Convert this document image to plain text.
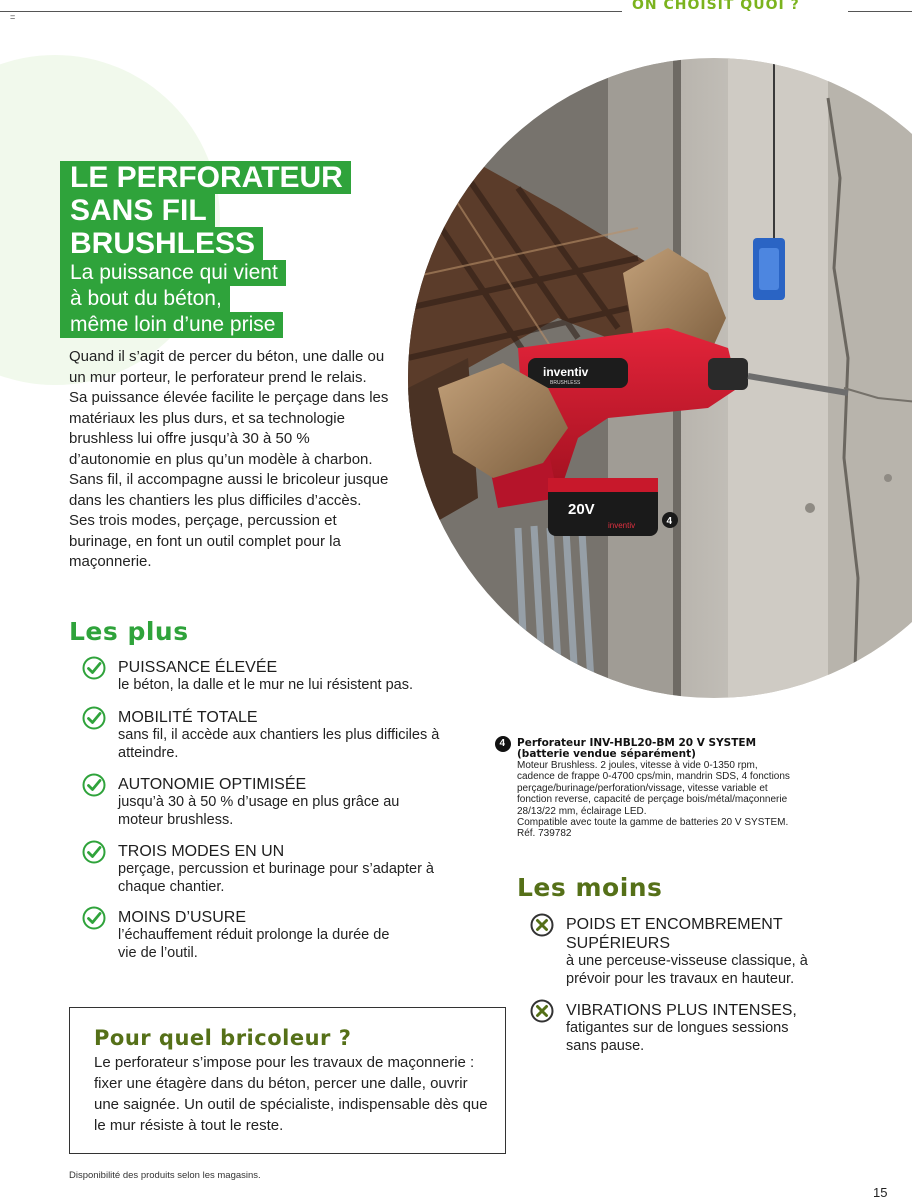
=
ON CHOISIT QUOI ?
LE PERFORATEUR
SANS FIL
BRUSHLESS
La puissance qui vient
à bout du béton,
même loin d’une prise

Quand il s’agit de percer du béton, une dalle ou un mur porteur, le perforateur prend le relais. Sa puissance élevée facilite le perçage dans les matériaux les plus durs, et sa technologie brushless lui offre jusqu’à 30 à 50 % d’autonomie en plus qu’un modèle à charbon. Sans fil, il accompagne aussi le bricoleur jusque dans les chantiers les plus difficiles d’accès. Ses trois modes, perçage, percussion et burinage, en font un outil complet pour la maçonnerie.

inventiv
BRUSHLESS
20V
inventiv	4
Les plus
PUISSANCE ÉLEVÉE
le béton, la dalle et le mur ne lui résistent pas.
MOBILITÉ TOTALE
sans fil, il accède aux chantiers les plus difficiles à atteindre.
AUTONOMIE OPTIMISÉE
jusqu’à 30 à 50 % d’usage en plus grâce au moteur brushless.
TROIS MODES EN UN
perçage, percussion et burinage pour s’adapter à chaque chantier.
MOINS D’USURE
l’échauffement réduit prolonge la durée de vie de l’outil.
4 Perforateur INV-HBL20-BM 20 V SYSTEM
(batterie vendue séparément)
Moteur Brushless. 2 joules, vitesse à vide 0-1350 rpm,
cadence de frappe 0-4700 cps/min, mandrin SDS, 4 fonctions
perçage/burinage/perforation/vissage, vitesse variable et
fonction reverse, capacité de perçage bois/métal/maçonnerie
28/13/22 mm, éclairage LED.
Compatible avec toute la gamme de batteries 20 V SYSTEM.
Réf. 739782
Les moins
POIDS ET ENCOMBREMENT SUPÉRIEURS
à une perceuse-visseuse classique, à prévoir pour les travaux en hauteur.
VIBRATIONS PLUS INTENSES,
fatigantes sur de longues sessions sans pause.
Pour quel bricoleur ?

Le perforateur s’impose pour les travaux de maçonnerie : fixer une étagère dans du béton, percer une dalle, ouvrir une saignée. Un outil de spécialiste, indispensable dès que le mur résiste à tout le reste.

Disponibilité des produits selon les magasins.
15
